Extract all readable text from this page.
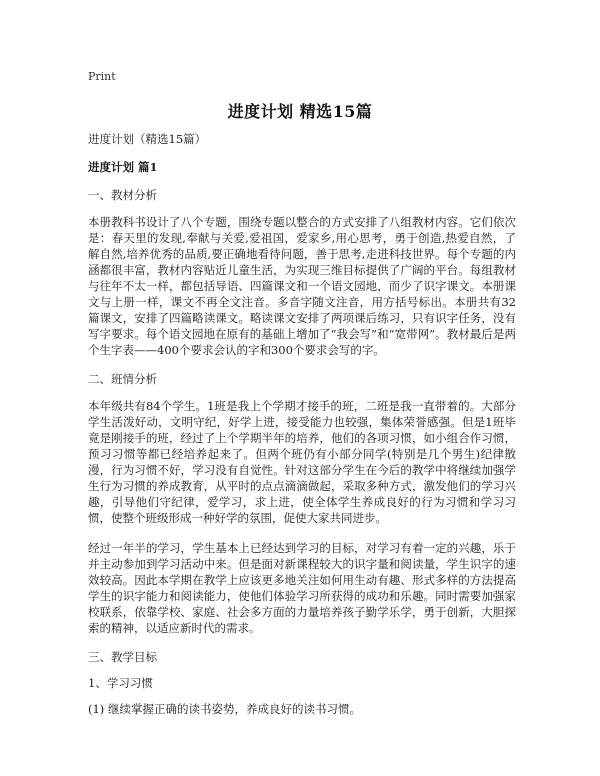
Print
进度计划 精选15篇

进度计划（精选15篇）

进度计划 篇1

一、教材分析

本册教科书设计了八个专题，围绕专题以整合的方式安排了八组教材内容。它们依次是：春天里的发现,奉献与关爱,爱祖国，爱家乡,用心思考，勇于创造,热爱自然，了解自然,培养优秀的品质,要正确地看待问题，善于思考,走进科技世界。每个专题的内涵都很丰富，教材内容贴近儿童生活，为实现三维目标提供了广阔的平台。每组教材与往年不太一样，都包括导语、四篇课文和一个语文园地，而少了识字课文。本册课文与上册一样，课文不再全文注音。多音字随文注音，用方括号标出。本册共有32篇课文，安排了四篇略读课文。略读课文安排了两项课后练习，只有识字任务，没有写字要求。每个语文园地在原有的基础上增加了“我会写”和“宽带网”。教材最后是两个生字表——400个要求会认的字和300个要求会写的字。

二、班情分析

本年级共有84个学生。1班是我上个学期才接手的班，二班是我一直带着的。大部分学生活泼好动，文明守纪，好学上进，接受能力也较强，集体荣誉感强。但是1班毕竟是刚接手的班，经过了上个学期半年的培养，他们的各项习惯，如小组合作习惯，预习习惯等都已经培养起来了。但两个班仍有小部分同学(特别是几个男生)纪律散漫，行为习惯不好，学习没有自觉性。针对这部分学生在今后的教学中将继续加强学生行为习惯的养成教育，从平时的点点滴滴做起，采取多种方式，激发他们的学习兴趣，引导他们守纪律，爱学习，求上进，使全体学生养成良好的行为习惯和学习习惯，使整个班级形成一种好学的氛围，促使大家共同进步。

经过一年半的学习，学生基本上已经达到学习的目标，对学习有着一定的兴趣，乐于并主动参加到学习活动中来。但是面对新课程较大的识字量和阅读量，学生识字的速效较高。因此本学期在教学上应该更多地关注如何用生动有趣、形式多样的方法提高学生的识字能力和阅读能力，使他们体验学习所获得的成功和乐趣。同时需要加强家校联系，依靠学校、家庭、社会多方面的力量培养孩子勤学乐学，勇于创新，大胆探索的精神，以适应新时代的需求。

三、教学目标

1、学习习惯

(1) 继续掌握正确的读书姿势，养成良好的读书习惯。
